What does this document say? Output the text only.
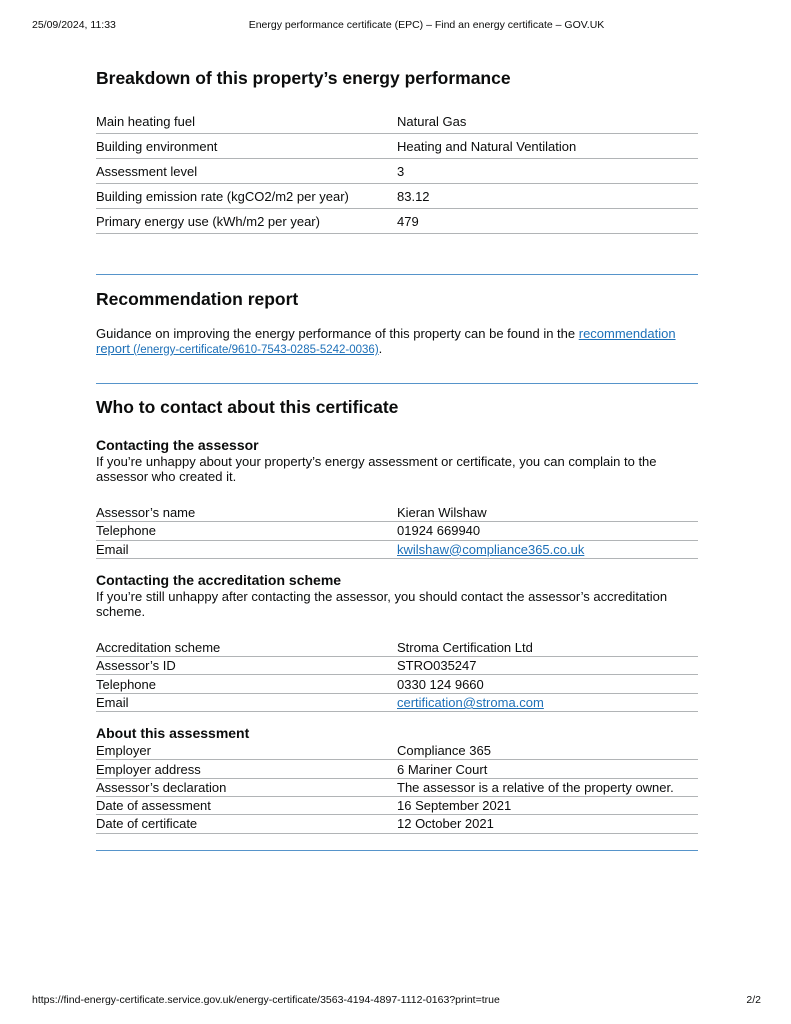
25/09/2024, 11:33	Energy performance certificate (EPC) – Find an energy certificate – GOV.UK
Breakdown of this property’s energy performance
Main heating fuel	Natural Gas
Building environment	Heating and Natural Ventilation
Assessment level	3
Building emission rate (kgCO2/m2 per year)	83.12
Primary energy use (kWh/m2 per year)	479
Recommendation report

Guidance on improving the energy performance of this property can be found in the recommendation report (/energy-certificate/9610-7543-0285-5242-0036).

Who to contact about this certificate
Contacting the assessor

If you’re unhappy about your property’s energy assessment or certificate, you can complain to the assessor who created it.

Assessor’s name	Kieran Wilshaw
Telephone	01924 669940
Email	kwilshaw@compliance365.co.uk
Contacting the accreditation scheme

If you’re still unhappy after contacting the assessor, you should contact the assessor’s accreditation scheme.

Accreditation scheme	Stroma Certification Ltd
Assessor’s ID	STRO035247
Telephone	0330 124 9660
Email	certification@stroma.com
About this assessment
Employer	Compliance 365
Employer address	6 Mariner Court
Assessor’s declaration	The assessor is a relative of the property owner.
Date of assessment	16 September 2021
Date of certificate	12 October 2021
https://find-energy-certificate.service.gov.uk/energy-certificate/3563-4194-4897-1112-0163?print=true	2/2
